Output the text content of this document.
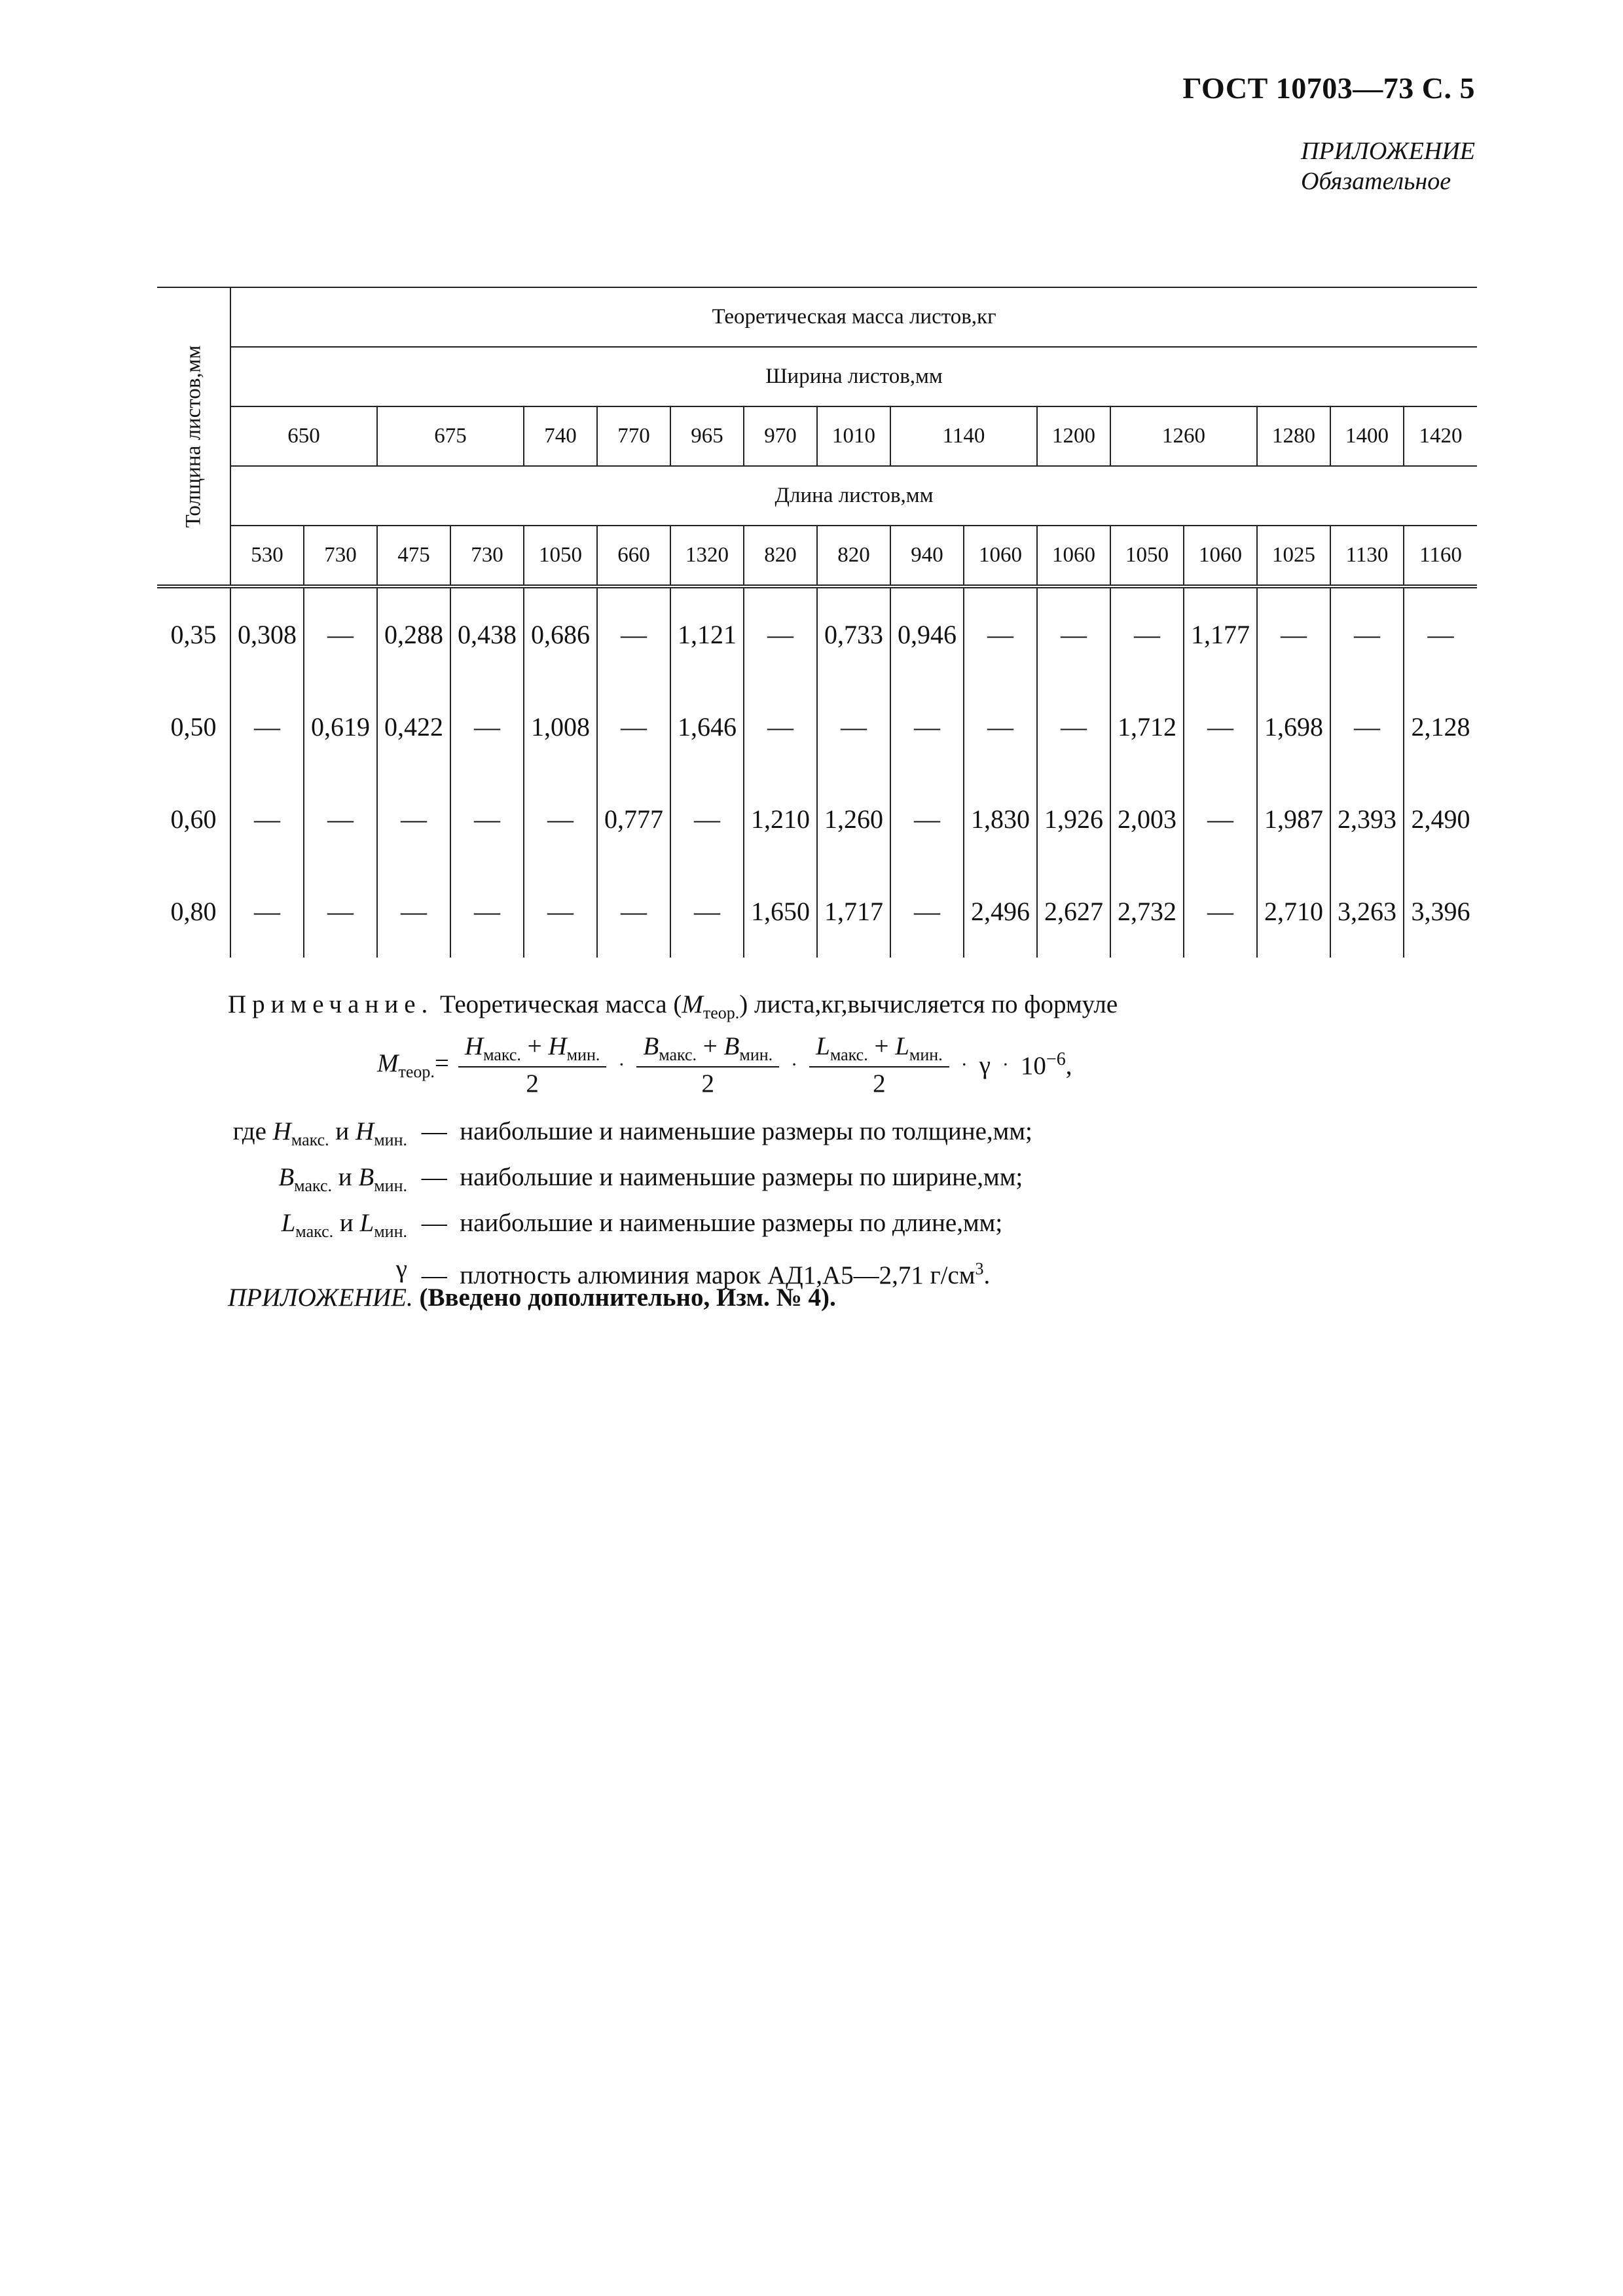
ГОСТ 10703—73 С. 5
ПРИЛОЖЕНИЕ
Обязательное
Толщина листов,мм	Теоретическая масса листов,кг																
	Ширина листов,мм																
	650		675		740	770	965	970	1010	1140		1200	1260		1280	1400	1420
	Длина листов,мм																
	530	730	475	730	1050	660	1320	820	820	940	1060	1060	1050	1060	1025	1130	1160
0,35	0,308	—	0,288	0,438	0,686	—	1,121	—	0,733	0,946	—	—	—	1,177	—	—	—
0,50	—	0,619	0,422	—	1,008	—	1,646	—	—	—	—	—	1,712	—	1,698	—	2,128
0,60	—	—	—	—	—	0,777	—	1,210	1,260	—	1,830	1,926	2,003	—	1,987	2,393	2,490
0,80	—	—	—	—	—	—	—	1,650	1,717	—	2,496	2,627	2,732	—	2,710	3,263	3,396
Примечание. Теоретическая масса $(M_{теор.})$ листа,кг,вычисляется по формуле
$M_{теор.}= \frac{H_{макс.} + H_{мин.}}{2} \cdot \frac{B_{макс.} + B_{мин.}}{2} \cdot \frac{L_{макс.} + L_{мин.}}{2} \cdot \gamma \cdot 10^{-6}$,
где $H_{макс.}$ и $H_{мин.}$ —  наибольшие и наименьшие размеры по толщине,мм;
$B_{макс.}$ и $B_{мин.}$ —  наибольшие и наименьшие размеры по ширине,мм;
$L_{макс.}$ и $L_{мин.}$ —  наибольшие и наименьшие размеры по длине,мм;
γ —  плотность алюминия марок АД1,А5—2,71 $г/см^3$.
ПРИЛОЖЕНИЕ. (Введено дополнительно, Изм. № 4).
